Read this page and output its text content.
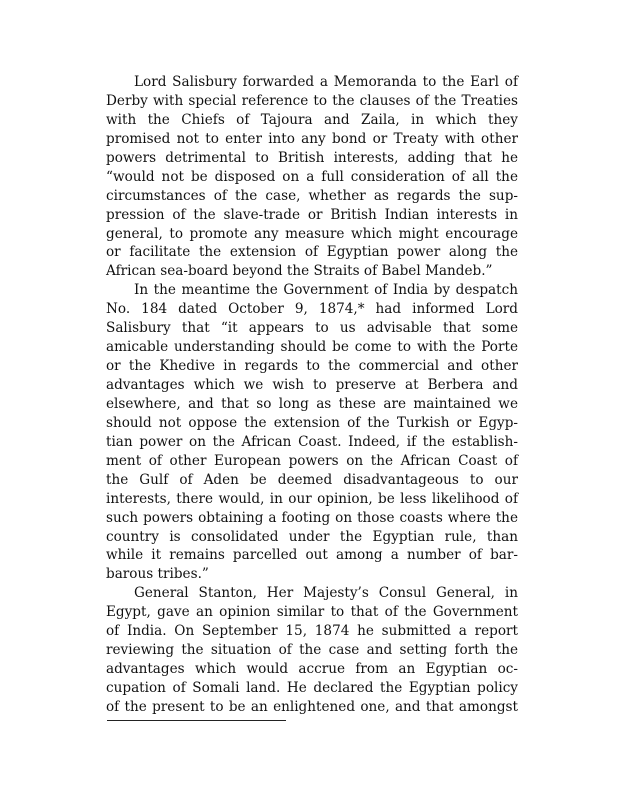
Lord Salisbury forwarded a Memoranda to the Earl of
Derby with special reference to the clauses of the Treaties
with the Chiefs of Tajoura and Zaila, in which they
promised not to enter into any bond or Treaty with other
powers detrimental to British interests, adding that he
“would not be disposed on a full consideration of all the
circumstances of the case, whether as regards the sup-
pression of the slave-trade or British Indian interests in
general, to promote any measure which might encourage
or facilitate the extension of Egyptian power along the
African sea-board beyond the Straits of Babel Mandeb.”
In the meantime the Government of India by despatch
No. 184 dated October 9, 1874,* had informed Lord
Salisbury that “it appears to us advisable that some
amicable understanding should be come to with the Porte
or the Khedive in regards to the commercial and other
advantages which we wish to preserve at Berbera and
elsewhere, and that so long as these are maintained we
should not oppose the extension of the Turkish or Egyp-
tian power on the African Coast. Indeed, if the establish-
ment of other European powers on the African Coast of
the Gulf of Aden be deemed disadvantageous to our
interests, there would, in our opinion, be less likelihood of
such powers obtaining a footing on those coasts where the
country is consolidated under the Egyptian rule, than
while it remains parcelled out among a number of bar-
barous tribes.”
General Stanton, Her Majesty’s Consul General, in
Egypt, gave an opinion similar to that of the Government
of India. On September 15, 1874 he submitted a report
reviewing the situation of the case and setting forth the
advantages which would accrue from an Egyptian oc-
cupation of Somali land. He declared the Egyptian policy
of the present to be an enlightened one, and that amongst
